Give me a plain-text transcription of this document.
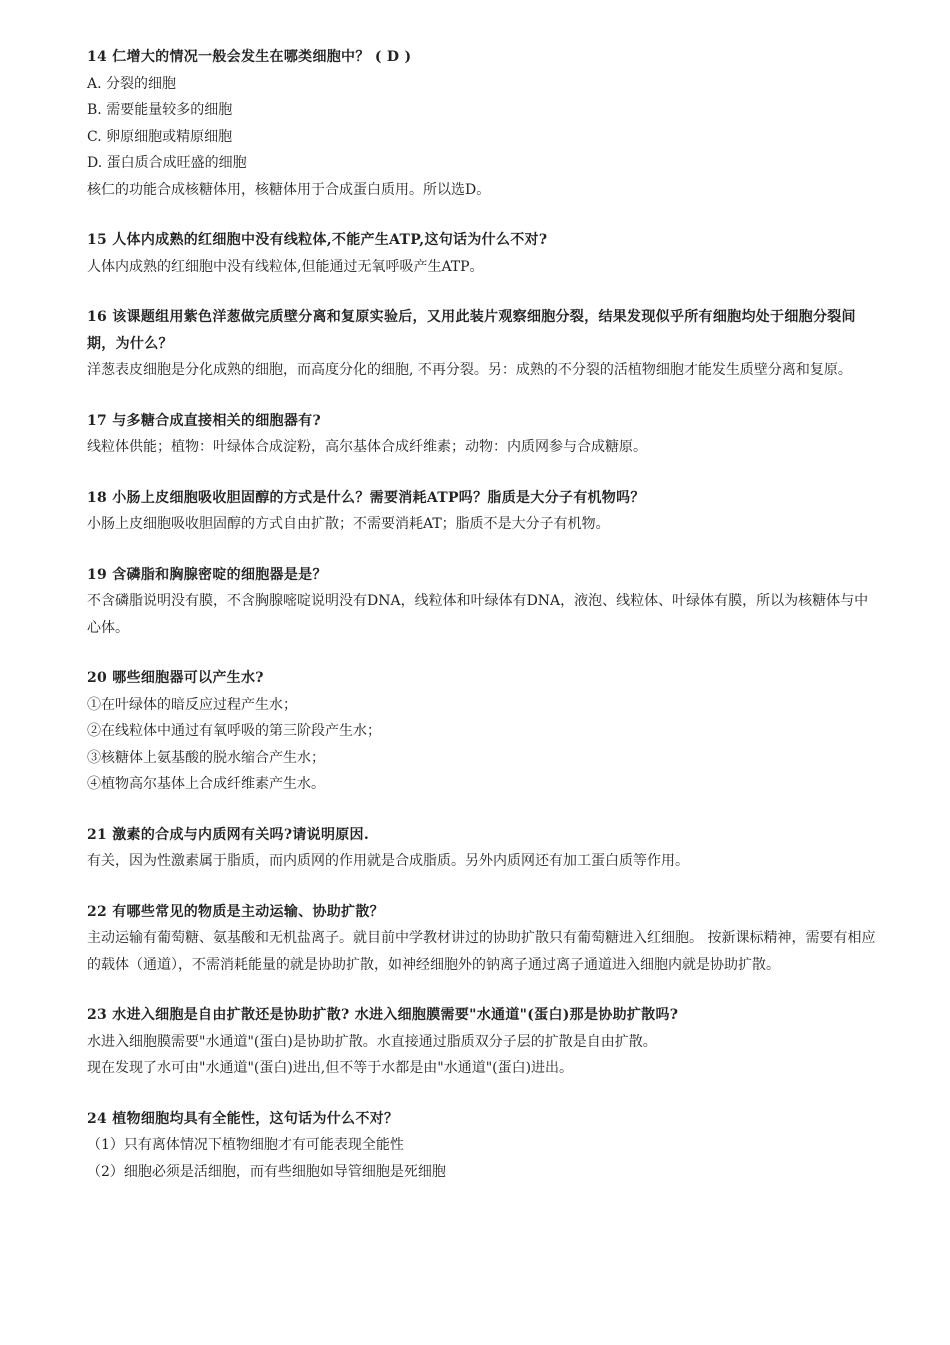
14 仁增大的情况一般会发生在哪类细胞中？ ( D )

A. 分裂的细胞

B. 需要能量较多的细胞

C. 卵原细胞或精原细胞

D. 蛋白质合成旺盛的细胞

核仁的功能合成核糖体用，核糖体用于合成蛋白质用。所以选D。

15 人体内成熟的红细胞中没有线粒体,不能产生ATP,这句话为什么不对?

人体内成熟的红细胞中没有线粒体,但能通过无氧呼吸产生ATP。

16 该课题组用紫色洋葱做完质壁分离和复原实验后，又用此装片观察细胞分裂，结果发现似乎所有细胞均处于细胞分裂间期，为什么？

洋葱表皮细胞是分化成熟的细胞，而高度分化的细胞, 不再分裂。另：成熟的不分裂的活植物细胞才能发生质壁分离和复原。

17 与多糖合成直接相关的细胞器有?

线粒体供能；植物：叶绿体合成淀粉，高尔基体合成纤维素；动物：内质网参与合成糖原。

18 小肠上皮细胞吸收胆固醇的方式是什么？需要消耗ATP吗？脂质是大分子有机物吗？

小肠上皮细胞吸收胆固醇的方式自由扩散；不需要消耗AT；脂质不是大分子有机物。

19 含磷脂和胸腺密啶的细胞器是是？

不含磷脂说明没有膜，不含胸腺嘧啶说明没有DNA，线粒体和叶绿体有DNA，液泡、线粒体、叶绿体有膜，所以为核糖体与中心体。

20 哪些细胞器可以产生水?

①在叶绿体的暗反应过程产生水；

②在线粒体中通过有氧呼吸的第三阶段产生水；

③核糖体上氨基酸的脱水缩合产生水；

④植物高尔基体上合成纤维素产生水。

21 激素的合成与内质网有关吗?请说明原因.

有关，因为性激素属于脂质，而内质网的作用就是合成脂质。另外内质网还有加工蛋白质等作用。

22 有哪些常见的物质是主动运输、协助扩散？

主动运输有葡萄糖、氨基酸和无机盐离子。就目前中学教材讲过的协助扩散只有葡萄糖进入红细胞。 按新课标精神，需要有相应的载体（通道），不需消耗能量的就是协助扩散，如神经细胞外的钠离子通过离子通道进入细胞内就是协助扩散。

23 水进入细胞是自由扩散还是协助扩散? 水进入细胞膜需要"水通道"(蛋白)那是协助扩散吗?

水进入细胞膜需要"水通道"(蛋白)是协助扩散。水直接通过脂质双分子层的扩散是自由扩散。

现在发现了水可由"水通道"(蛋白)进出,但不等于水都是由"水通道"(蛋白)进出。

24 植物细胞均具有全能性，这句话为什么不对？

（1）只有离体情况下植物细胞才有可能表现全能性

（2）细胞必须是活细胞，而有些细胞如导管细胞是死细胞
